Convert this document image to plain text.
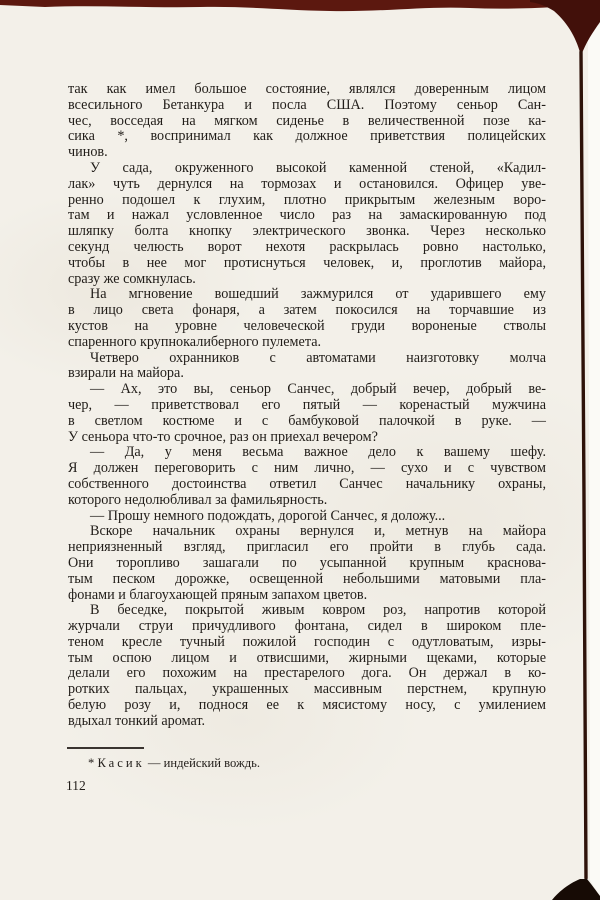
так как имел большое состояние, являлся доверенным лицом
всесильного Бетанкура и посла США. Поэтому сеньор Сан-
чес, восседая на мягком сиденье в величественной позе ка-
сика *, воспринимал как должное приветствия полицейских
чинов.
У сада, окруженного высокой каменной стеной, «Кадил-
лак» чуть дернулся на тормозах и остановился. Офицер уве-
ренно подошел к глухим, плотно прикрытым железным воро-
там и нажал условленное число раз на замаскированную под
шляпку болта кнопку электрического звонка. Через несколько
секунд челюсть ворот нехотя раскрылась ровно настолько,
чтобы в нее мог протиснуться человек, и, проглотив майора,
сразу же сомкнулась.
На мгновение вошедший зажмурился от ударившего ему
в лицо света фонаря, а затем покосился на торчавшие из
кустов на уровне человеческой груди вороненые стволы
спаренного крупнокалиберного пулемета.
Четверо охранников с автоматами наизготовку молча
взирали на майора.
— Ах, это вы, сеньор Санчес, добрый вечер, добрый ве-
чер, — приветствовал его пятый — коренастый мужчина
в светлом костюме и с бамбуковой палочкой в руке. —
У сеньора что-то срочное, раз он приехал вечером?
— Да, у меня весьма важное дело к вашему шефу.
Я должен переговорить с ним лично, — сухо и с чувством
собственного достоинства ответил Санчес начальнику охраны,
которого недолюбливал за фамильярность.
— Прошу немного подождать, дорогой Санчес, я доложу...
Вскоре начальник охраны вернулся и, метнув на майора
неприязненный взгляд, пригласил его пройти в глубь сада.
Они торопливо зашагали по усыпанной крупным краснова-
тым песком дорожке, освещенной небольшими матовыми пла-
фонами и благоухающей пряным запахом цветов.
В беседке, покрытой живым ковром роз, напротив которой
журчали струи причудливого фонтана, сидел в широком пле-
теном кресле тучный пожилой господин с одутловатым, изры-
тым оспою лицом и отвисшими, жирными щеками, которые
делали его похожим на престарелого дога. Он держал в ко-
ротких пальцах, украшенных массивным перстнем, крупную
белую розу и, поднося ее к мясистому носу, с умилением
вдыхал тонкий аромат.
* Касик — индейский вождь.
112
